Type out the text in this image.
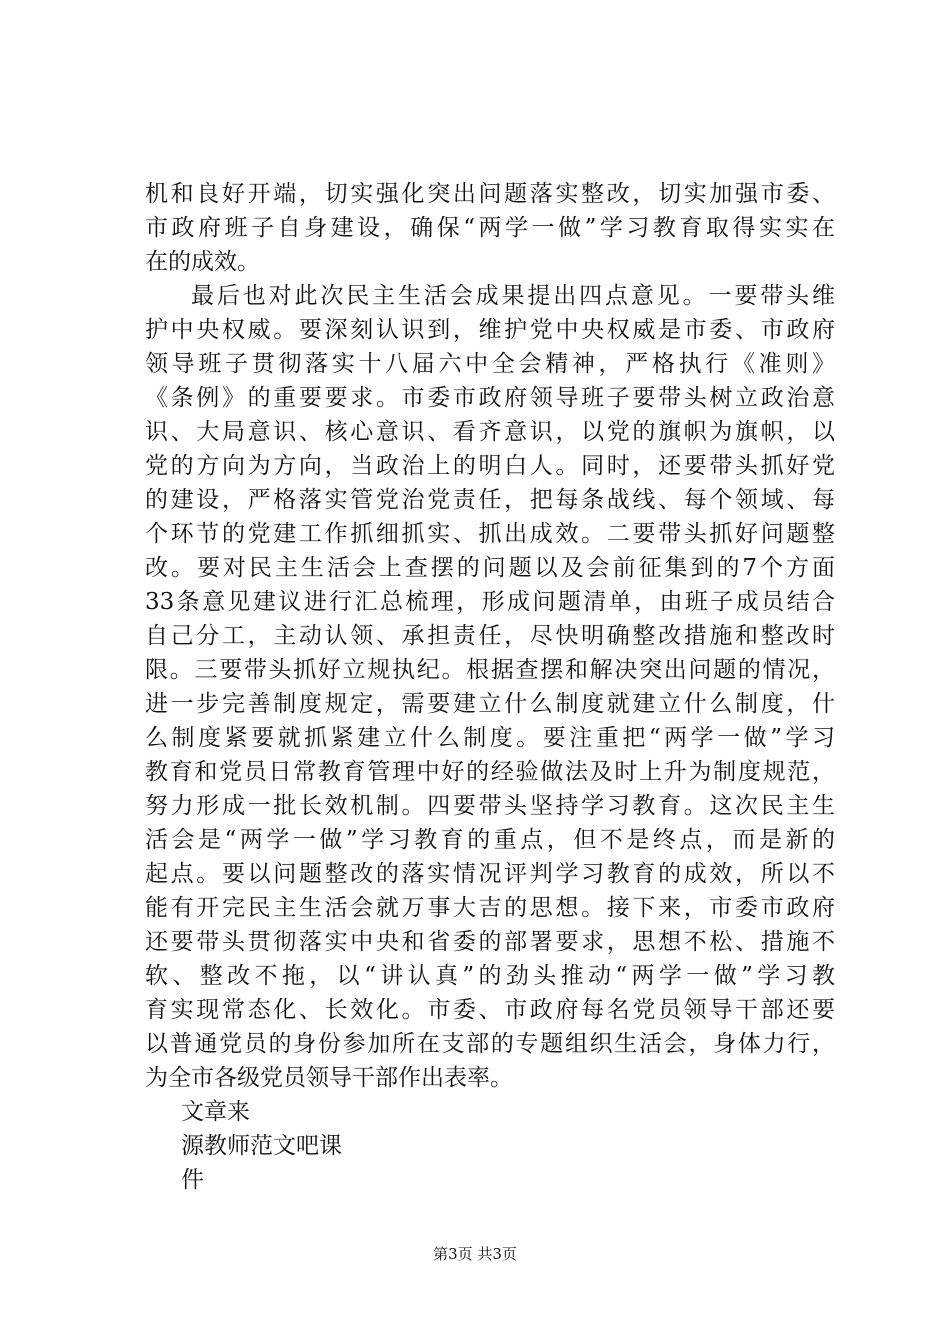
机和良好开端，切实强化突出问题落实整改，切实加强市委、
市政府班子自身建设，确保“两学一做”学习教育取得实实在
在的成效。
最后也对此次民主生活会成果提出四点意见。一要带头维
护中央权威。要深刻认识到，维护党中央权威是市委、市政府
领导班子贯彻落实十八届六中全会精神，严格执行《准则》
《条例》的重要要求。市委市政府领导班子要带头树立政治意
识、大局意识、核心意识、看齐意识，以党的旗帜为旗帜，以
党的方向为方向，当政治上的明白人。同时，还要带头抓好党
的建设，严格落实管党治党责任，把每条战线、每个领域、每
个环节的党建工作抓细抓实、抓出成效。二要带头抓好问题整
改。要对民主生活会上查摆的问题以及会前征集到的7个方面
33条意见建议进行汇总梳理，形成问题清单，由班子成员结合
自己分工，主动认领、承担责任，尽快明确整改措施和整改时
限。三要带头抓好立规执纪。根据查摆和解决突出问题的情况，
进一步完善制度规定，需要建立什么制度就建立什么制度，什
么制度紧要就抓紧建立什么制度。要注重把“两学一做”学习
教育和党员日常教育管理中好的经验做法及时上升为制度规范，
努力形成一批长效机制。四要带头坚持学习教育。这次民主生
活会是“两学一做”学习教育的重点，但不是终点，而是新的
起点。要以问题整改的落实情况评判学习教育的成效，所以不
能有开完民主生活会就万事大吉的思想。接下来，市委市政府
还要带头贯彻落实中央和省委的部署要求，思想不松、措施不
软、整改不拖，以“讲认真”的劲头推动“两学一做”学习教
育实现常态化、长效化。市委、市政府每名党员领导干部还要
以普通党员的身份参加所在支部的专题组织生活会，身体力行，
为全市各级党员领导干部作出表率。
文章来
源教师范文吧课
件
第3页 共3页
